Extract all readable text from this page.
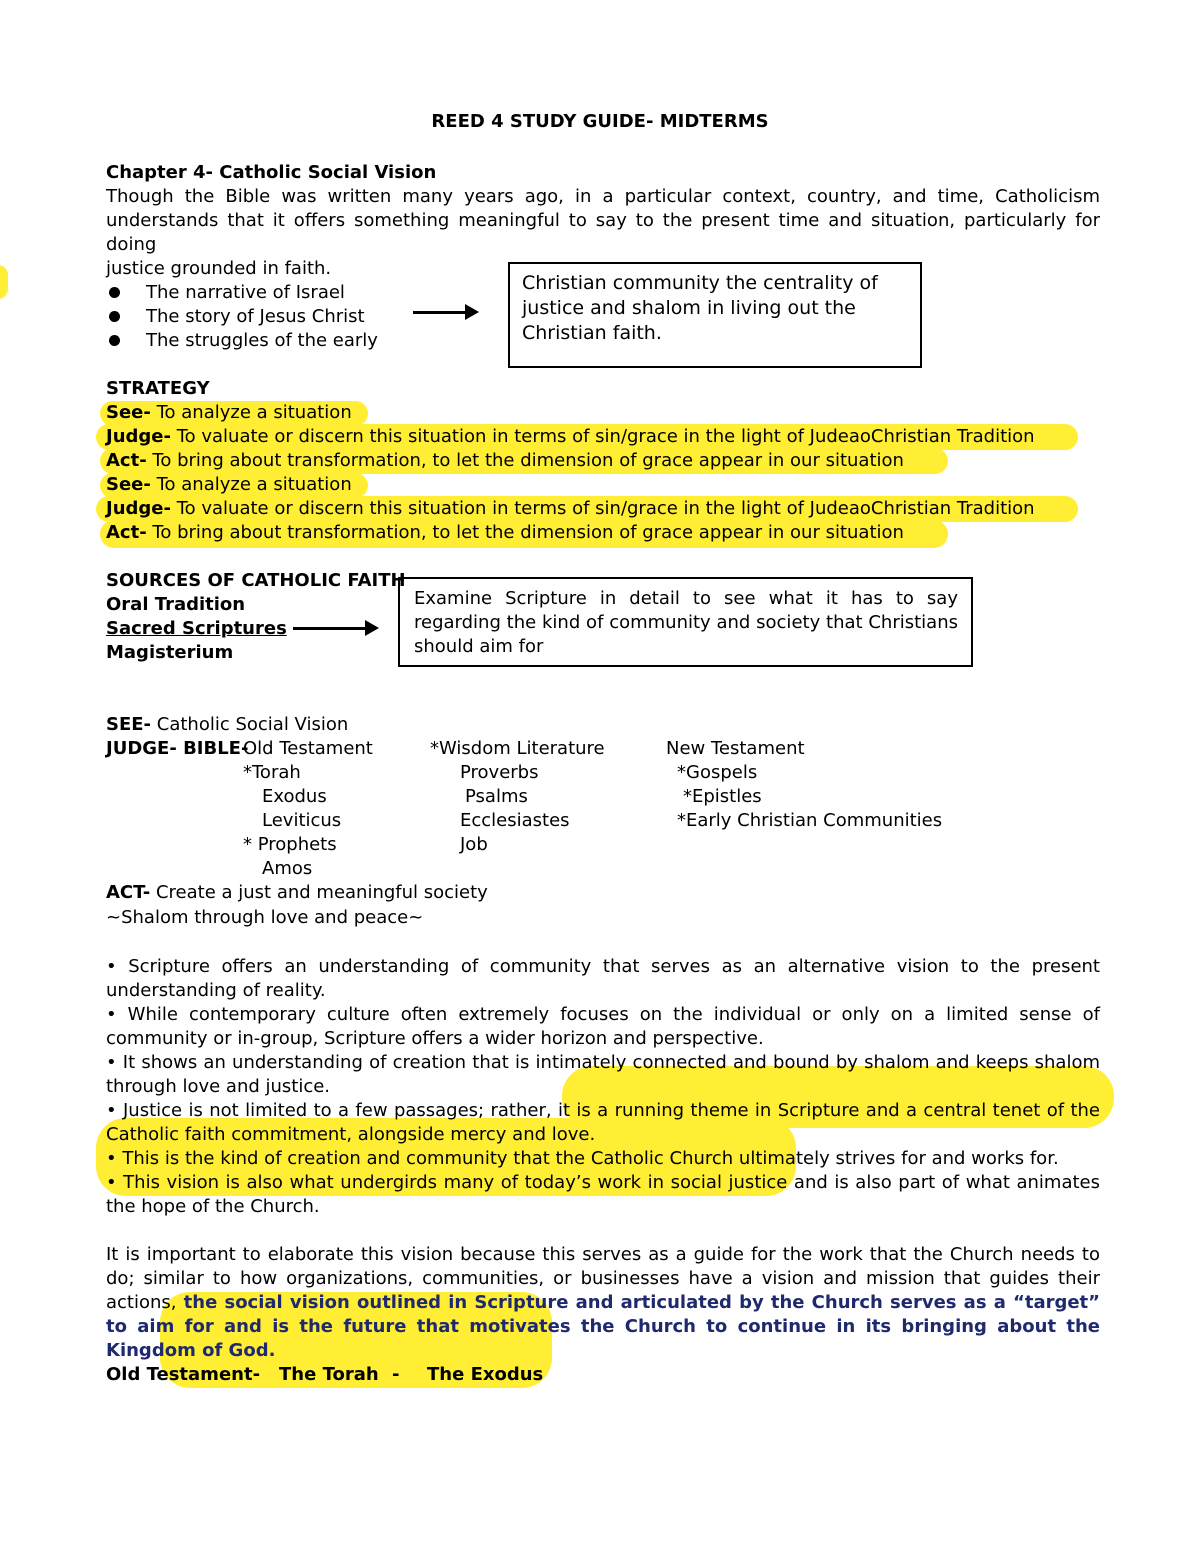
REED 4 STUDY GUIDE- MIDTERMS
Chapter 4- Catholic Social Vision
Though the Bible was written many years ago, in a particular context, country, and time, Catholicism understands that it offers something meaningful to say to the present time and situation, particularly for doing
justice grounded in faith.
The narrative of Israel
The story of Jesus Christ
The struggles of the early
Christian community the centrality of justice and shalom in living out the Christian faith.
STRATEGY
See- To analyze a situation
Judge- To valuate or discern this situation in terms of sin/grace in the light of JudeaoChristian Tradition
Act- To bring about transformation, to let the dimension of grace appear in our situation
See- To analyze a situation
Judge- To valuate or discern this situation in terms of sin/grace in the light of JudeaoChristian Tradition
Act- To bring about transformation, to let the dimension of grace appear in our situation
SOURCES OF CATHOLIC FAITH
Oral Tradition
Sacred Scriptures
Magisterium
Examine Scripture in detail to see what it has to say regarding the kind of community and society that Christians should aim for
SEE- Catholic Social Vision
JUDGE- BIBLE-
Old Testament
*Torah
Exodus
Leviticus
* Prophets
Amos
*Wisdom Literature
Proverbs
Psalms
Ecclesiastes
Job
New Testament
*Gospels
*Epistles
*Early Christian Communities
ACT- Create a just and meaningful society
~Shalom through love and peace~
• Scripture offers an understanding of community that serves as an alternative vision to the present understanding of reality.
• While contemporary culture often extremely focuses on the individual or only on a limited sense of community or in-group, Scripture offers a wider horizon and perspective.
• It shows an understanding of creation that is intimately connected and bound by shalom and keeps shalom through love and justice.
• Justice is not limited to a few passages; rather, it is a running theme in Scripture and a central tenet of the Catholic faith commitment, alongside mercy and love.
• This is the kind of creation and community that the Catholic Church ultimately strives for and works for.
• This vision is also what undergirds many of today’s work in social justice and is also part of what animates the hope of the Church.
It is important to elaborate this vision because this serves as a guide for the work that the Church needs to do; similar to how organizations, communities, or businesses have a vision and mission that guides their actions, the social vision outlined in Scripture and articulated by the Church serves as a “target” to aim for and is the future that motivates the Church to continue in its bringing about the Kingdom of God.
Old Testament- The Torah - The Exodus
